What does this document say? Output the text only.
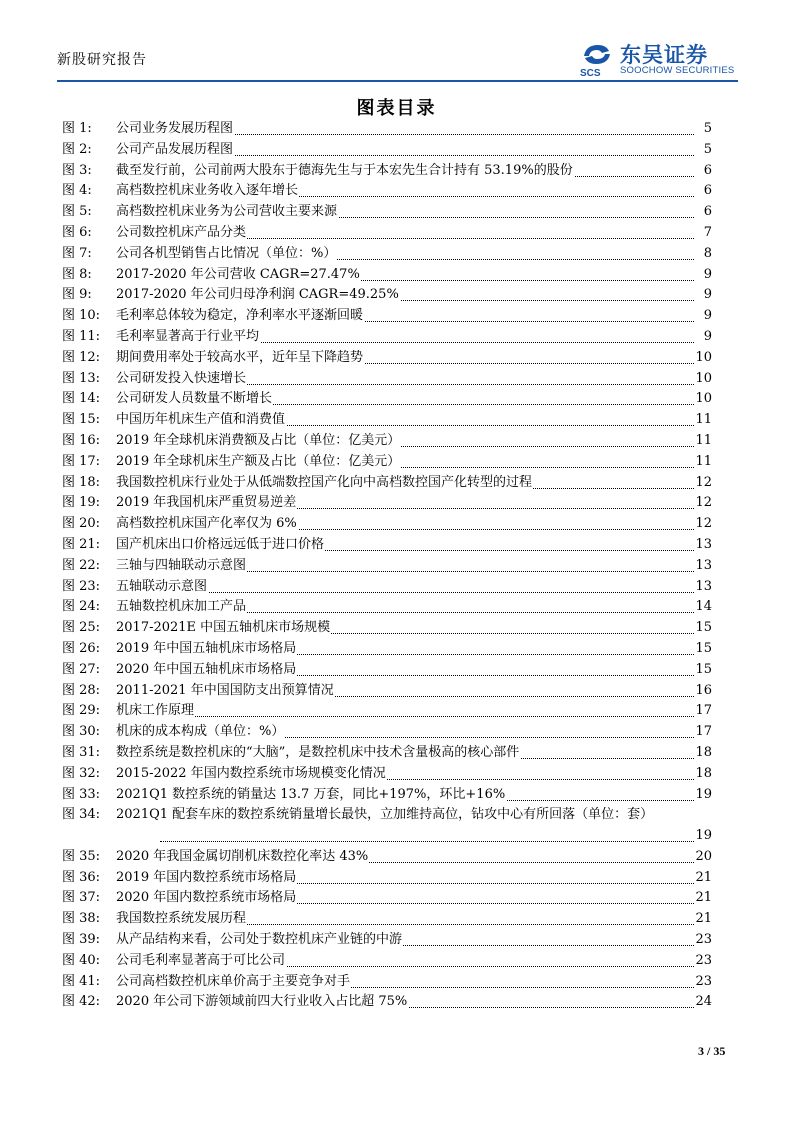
新股研究报告
SCS
东吴证券
SOOCHOW SECURITIES
图表目录
图 1: 公司业务发展历程图	5
图 2: 公司产品发展历程图	5
图 3: 截至发行前，公司前两大股东于德海先生与于本宏先生合计持有 53.19%的股份	6
图 4: 高档数控机床业务收入逐年增长	6
图 5: 高档数控机床业务为公司营收主要来源	6
图 6: 公司数控机床产品分类	7
图 7: 公司各机型销售占比情况（单位：%）	8
图 8: 2017-2020 年公司营收 CAGR=27.47%	9
图 9: 2017-2020 年公司归母净利润 CAGR=49.25%	9
图 10: 毛利率总体较为稳定，净利率水平逐渐回暖	9
图 11: 毛利率显著高于行业平均	9
图 12: 期间费用率处于较高水平，近年呈下降趋势	10
图 13: 公司研发投入快速增长	10
图 14: 公司研发人员数量不断增长	10
图 15: 中国历年机床生产值和消费值	11
图 16: 2019 年全球机床消费额及占比（单位：亿美元）	11
图 17: 2019 年全球机床生产额及占比（单位：亿美元）	11
图 18: 我国数控机床行业处于从低端数控国产化向中高档数控国产化转型的过程	12
图 19: 2019 年我国机床严重贸易逆差	12
图 20: 高档数控机床国产化率仅为 6%	12
图 21: 国产机床出口价格远远低于进口价格	13
图 22: 三轴与四轴联动示意图	13
图 23: 五轴联动示意图	13
图 24: 五轴数控机床加工产品	14
图 25: 2017-2021E 中国五轴机床市场规模	15
图 26: 2019 年中国五轴机床市场格局	15
图 27: 2020 年中国五轴机床市场格局	15
图 28: 2011-2021 年中国国防支出预算情况	16
图 29: 机床工作原理	17
图 30: 机床的成本构成（单位：%）	17
图 31: 数控系统是数控机床的“大脑”，是数控机床中技术含量极高的核心部件	18
图 32: 2015-2022 年国内数控系统市场规模变化情况	18
图 33: 2021Q1 数控系统的销量达 13.7 万套，同比+197%，环比+16%	19
图 34: 2021Q1 配套车床的数控系统销量增长最快，立加维持高位，钻攻中心有所回落（单位：套）
19
图 35: 2020 年我国金属切削机床数控化率达 43%	20
图 36: 2019 年国内数控系统市场格局	21
图 37: 2020 年国内数控系统市场格局	21
图 38: 我国数控系统发展历程	21
图 39: 从产品结构来看，公司处于数控机床产业链的中游	23
图 40: 公司毛利率显著高于可比公司	23
图 41: 公司高档数控机床单价高于主要竞争对手	23
图 42: 2020 年公司下游领域前四大行业收入占比超 75%	24
3 / 35
